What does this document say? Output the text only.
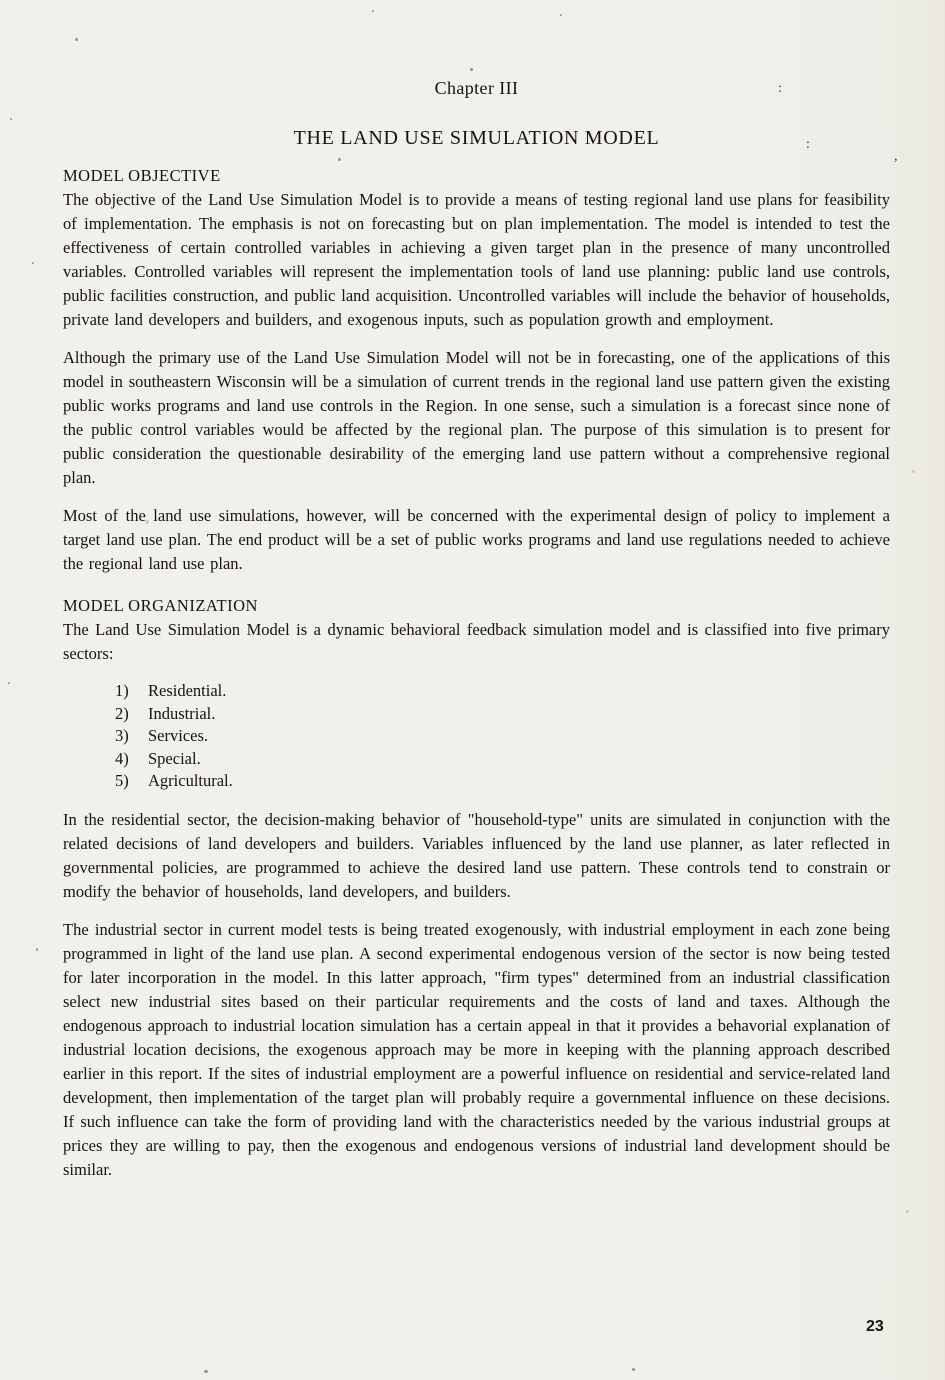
:
:
,
Chapter III
THE LAND USE SIMULATION MODEL
MODEL OBJECTIVE

The objective of the Land Use Simulation Model is to provide a means of testing regional land use plans for feasibility of implementation. The emphasis is not on forecasting but on plan implementation. The model is intended to test the effectiveness of certain controlled variables in achieving a given target plan in the presence of many uncontrolled variables. Controlled variables will represent the implementation tools of land use planning: public land use controls, public facilities construction, and public land acquisition. Uncontrolled variables will include the behavior of households, private land developers and builders, and exogenous inputs, such as population growth and employment.

Although the primary use of the Land Use Simulation Model will not be in forecasting, one of the applications of this model in southeastern Wisconsin will be a simulation of current trends in the regional land use pattern given the existing public works programs and land use controls in the Region. In one sense, such a simulation is a forecast since none of the public control variables would be affected by the regional plan. The purpose of this simulation is to present for public consideration the questionable desirability of the emerging land use pattern without a comprehensive regional plan.

Most of the land use simulations, however, will be concerned with the experimental design of policy to implement a target land use plan. The end product will be a set of public works programs and land use regulations needed to achieve the regional land use plan.

MODEL ORGANIZATION

The Land Use Simulation Model is a dynamic behavioral feedback simulation model and is classified into five primary sectors:

1)	Residential.
2)	Industrial.
3)	Services.
4)	Special.
5)	Agricultural.

In the residential sector, the decision-making behavior of "household-type" units are simulated in conjunction with the related decisions of land developers and builders. Variables influenced by the land use planner, as later reflected in governmental policies, are programmed to achieve the desired land use pattern. These controls tend to constrain or modify the behavior of households, land developers, and builders.

The industrial sector in current model tests is being treated exogenously, with industrial employment in each zone being programmed in light of the land use plan. A second experimental endogenous version of the sector is now being tested for later incorporation in the model. In this latter approach, "firm types" determined from an industrial classification select new industrial sites based on their particular requirements and the costs of land and taxes. Although the endogenous approach to industrial location simulation has a certain appeal in that it provides a behavorial explanation of industrial location decisions, the exogenous approach may be more in keeping with the planning approach described earlier in this report. If the sites of industrial employment are a powerful influence on residential and service-related land development, then implementation of the target plan will probably require a governmental influence on these decisions. If such influence can take the form of providing land with the characteristics needed by the various industrial groups at prices they are willing to pay, then the exogenous and endogenous versions of industrial land development should be similar.

23
